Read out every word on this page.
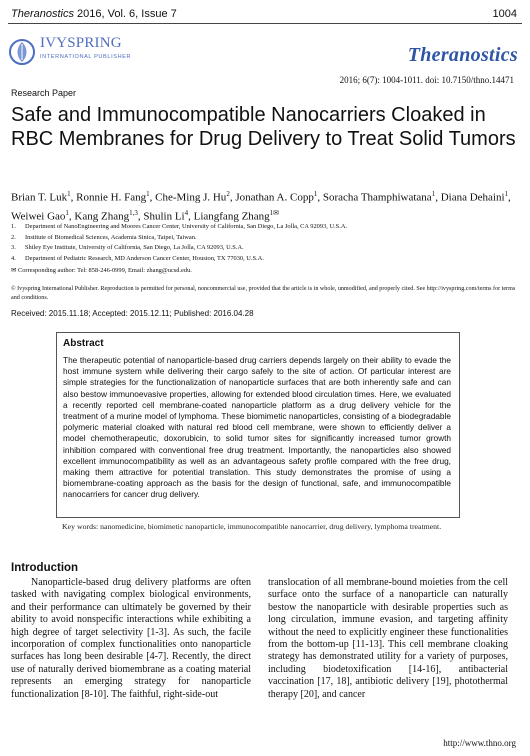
Theranostics 2016, Vol. 6, Issue 7	1004
IVYSPRING
INTERNATIONAL PUBLISHER	Theranostics
2016; 6(7): 1004-1011. doi: 10.7150/thno.14471
Research Paper
Safe and Immunocompatible Nanocarriers Cloaked in RBC Membranes for Drug Delivery to Treat Solid Tumors
Brian T. Luk$^1$, Ronnie H. Fang$^1$, Che-Ming J. Hu$^2$, Jonathan A. Copp$^1$, Soracha Thamphiwatana$^1$, Diana Dehaini$^1$, Weiwei Gao$^1$, Kang Zhang$^{1,3}$, Shulin Li$^4$, Liangfang Zhang$^{1✉}$
1. Department of NanoEngineering and Moores Cancer Center, University of California, San Diego, La Jolla, CA 92093, U.S.A.
2. Institute of Biomedical Sciences, Academia Sinica, Taipei, Taiwan.
3. Shiley Eye Institute, University of California, San Diego, La Jolla, CA 92093, U.S.A.
4. Department of Pediatric Research, MD Anderson Cancer Center, Houston, TX 77030, U.S.A.
✉ Corresponding author: Tel: 858-246-0999, Email: zhang@ucsd.edu.
© Ivyspring International Publisher. Reproduction is permitted for personal, noncommercial use, provided that the article is in whole, unmodified, and properly cited. See http://ivyspring.com/terms for terms and conditions.
Received: 2015.11.18; Accepted: 2015.12.11; Published: 2016.04.28
Abstract

The therapeutic potential of nanoparticle-based drug carriers depends largely on their ability to evade the host immune system while delivering their cargo safely to the site of action. Of particular interest are simple strategies for the functionalization of nanoparticle surfaces that are both inherently safe and can also bestow immunoevasive properties, allowing for extended blood circulation times. Here, we evaluated a recently reported cell membrane-coated nanoparticle platform as a drug delivery vehicle for the treatment of a murine model of lymphoma. These biomimetic nanoparticles, consisting of a biodegradable polymeric material cloaked with natural red blood cell membrane, were shown to efficiently deliver a model chemotherapeutic, doxorubicin, to solid tumor sites for significantly increased tumor growth inhibition compared with conventional free drug treatment. Importantly, the nanoparticles also showed excellent immunocompatibility as well as an advantageous safety profile compared with the free drug, making them attractive for potential translation. This study demonstrates the promise of using a biomembrane-coating approach as the basis for the design of functional, safe, and immunocompatible nanocarriers for cancer drug delivery.

Key words: nanomedicine, biomimetic nanoparticle, immunocompatible nanocarrier, drug delivery, lymphoma treatment.
Introduction
Nanoparticle-based drug delivery platforms are often tasked with navigating complex biological environments, and their performance can ultimately be governed by their ability to avoid nonspecific interactions while exhibiting a high degree of target selectivity [1-3]. As such, the facile incorporation of complex functionalities onto nanoparticle surfaces has long been desirable [4-7]. Recently, the direct use of naturally derived biomembrane as a coating material represents an emerging strategy for nanoparticle functionalization [8-10]. The faithful, right-side-out
translocation of all membrane-bound moieties from the cell surface onto the surface of a nanoparticle can naturally bestow the nanoparticle with desirable properties such as long circulation, immune evasion, and targeting affinity without the need to explicitly engineer these functionalities from the bottom-up [11-13]. This cell membrane cloaking strategy has demonstrated utility for a variety of purposes, including biodetoxification [14-16], antibacterial vaccination [17, 18], antibiotic delivery [19], photothermal therapy [20], and cancer
http://www.thno.org
